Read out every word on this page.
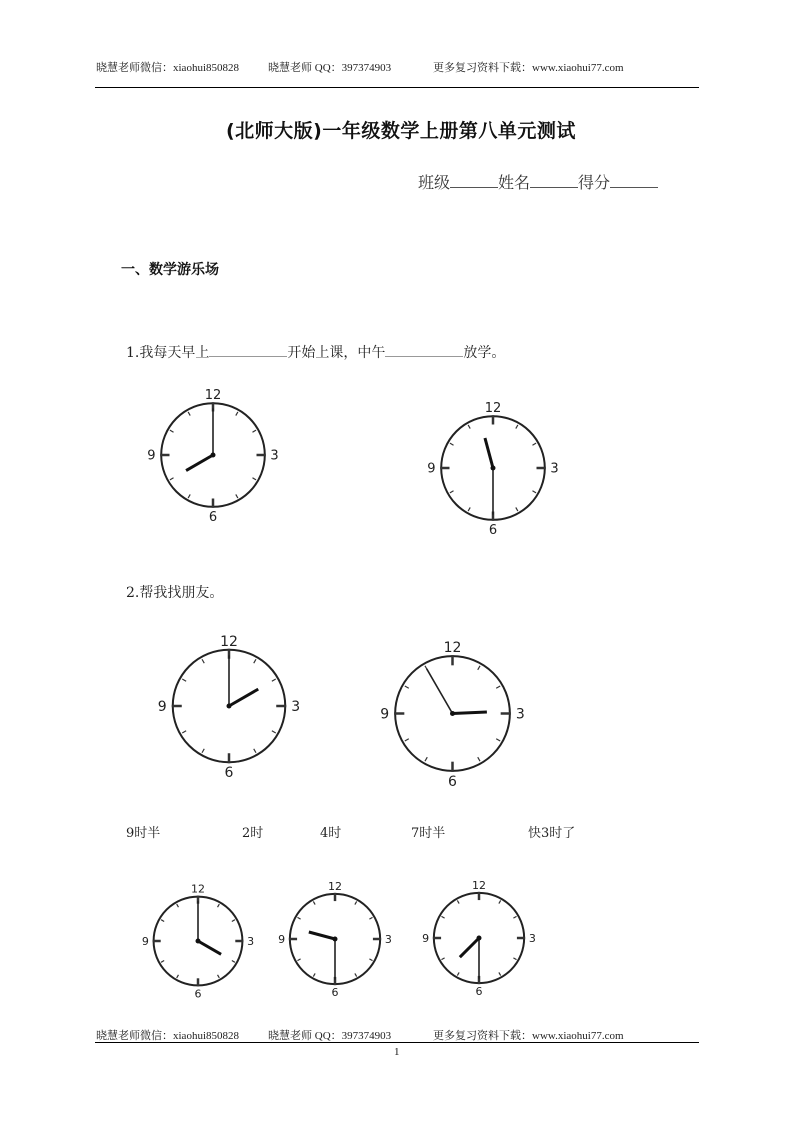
晓慧老师微信：xiaohui850828	晓慧老师 QQ：397374903	更多复习资料下载：www.xiaohui77.com
(北师大版)一年级数学上册第八单元测试
班级	姓名	得分
一、数学游乐场
1.我每天早上	开始上课，中午	放学。
12
6
3
9
12
6
3
9
2.帮我找朋友。
12
6
3
9
12
6
3
9
9时半	2时	4时	7时半	快3时了
12
6
3
9
12
6
3
9
12
6
3
9
晓慧老师微信：xiaohui850828	晓慧老师 QQ：397374903	更多复习资料下载：www.xiaohui77.com
1
